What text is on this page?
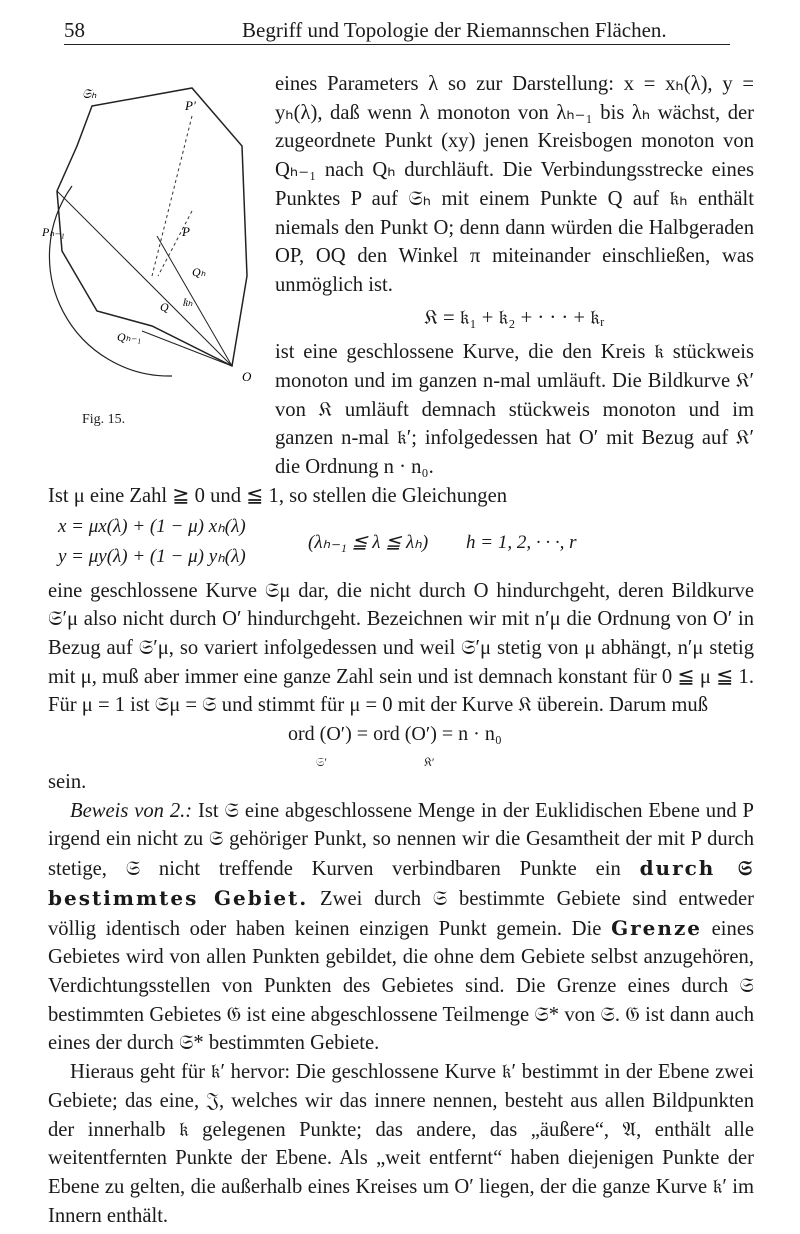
58	Begriff und Topologie der Riemannschen Flächen.
𝔖ₕ
P'
P
Pₕ₋₁
Qₕ
Q 𝔨ₕ
Qₕ₋₁
O
Fig. 15.

eines Parameters λ so zur Darstellung: x = xₕ(λ), y = yₕ(λ), daß wenn λ monoton von λₕ₋₁ bis λₕ wächst, der zugeordnete Punkt (xy) jenen Kreisbogen monoton von Qₕ₋₁ nach Qₕ durchläuft. Die Verbindungsstrecke eines Punktes P auf 𝔖ₕ mit einem Punkte Q auf 𝔨ₕ enthält niemals den Punkt O; denn dann würden die Halbgeraden OP, OQ den Winkel π miteinander einschließen, was unmöglich ist.

𝔎 = 𝔨₁ + 𝔨₂ + · · · + 𝔨ᵣ

ist eine geschlossene Kurve, die den Kreis 𝔨 stückweis monoton und im ganzen n-mal umläuft. Die Bildkurve 𝔎′ von 𝔎 umläuft demnach stückweis monoton und im ganzen n-mal 𝔨′; infolgedessen hat O′ mit Bezug auf 𝔎′ die Ordnung n · n₀.

Ist μ eine Zahl ≧ 0 und ≦ 1, so stellen die Gleichungen

x = μx(λ) + (1 − μ) xₕ(λ)
y = μy(λ) + (1 − μ) yₕ(λ)
(λₕ₋₁ ≦ λ ≦ λₕ) h = 1, 2, · · ·, r

eine geschlossene Kurve 𝔖μ dar, die nicht durch O hindurchgeht, deren Bildkurve 𝔖′μ also nicht durch O′ hindurchgeht. Bezeichnen wir mit n′μ die Ordnung von O′ in Bezug auf 𝔖′μ, so variert infolgedessen und weil 𝔖′μ stetig von μ abhängt, n′μ stetig mit μ, muß aber immer eine ganze Zahl sein und ist demnach konstant für 0 ≦ μ ≦ 1. Für μ = 1 ist 𝔖μ = 𝔖 und stimmt für μ = 0 mit der Kurve 𝔎 überein. Darum muß

ord (O′) = ord (O′) = n · n₀
𝔖′	𝔎′

sein.

Beweis von 2.: Ist 𝔖 eine abgeschlossene Menge in der Euklidischen Ebene und P irgend ein nicht zu 𝔖 gehöriger Punkt, so nennen wir die Gesamtheit der mit P durch stetige, 𝔖 nicht treffende Kurven verbindbaren Punkte ein durch 𝔖 bestimmtes Gebiet. Zwei durch 𝔖 bestimmte Gebiete sind entweder völlig identisch oder haben keinen einzigen Punkt gemein. Die Grenze eines Gebietes wird von allen Punkten gebildet, die ohne dem Gebiete selbst anzugehören, Verdichtungsstellen von Punkten des Gebietes sind. Die Grenze eines durch 𝔖 bestimmten Gebietes 𝔊 ist eine abgeschlossene Teilmenge 𝔖* von 𝔖. 𝔊 ist dann auch eines der durch 𝔖* bestimmten Gebiete.

Hieraus geht für 𝔨′ hervor: Die geschlossene Kurve 𝔨′ bestimmt in der Ebene zwei Gebiete; das eine, 𝔍, welches wir das innere nennen, besteht aus allen Bildpunkten der innerhalb 𝔨 gelegenen Punkte; das andere, das „äußere“, 𝔄, enthält alle weitentfernten Punkte der Ebene. Als „weit entfernt“ haben diejenigen Punkte der Ebene zu gelten, die außerhalb eines Kreises um O′ liegen, der die ganze Kurve 𝔨′ im Innern enthält.
